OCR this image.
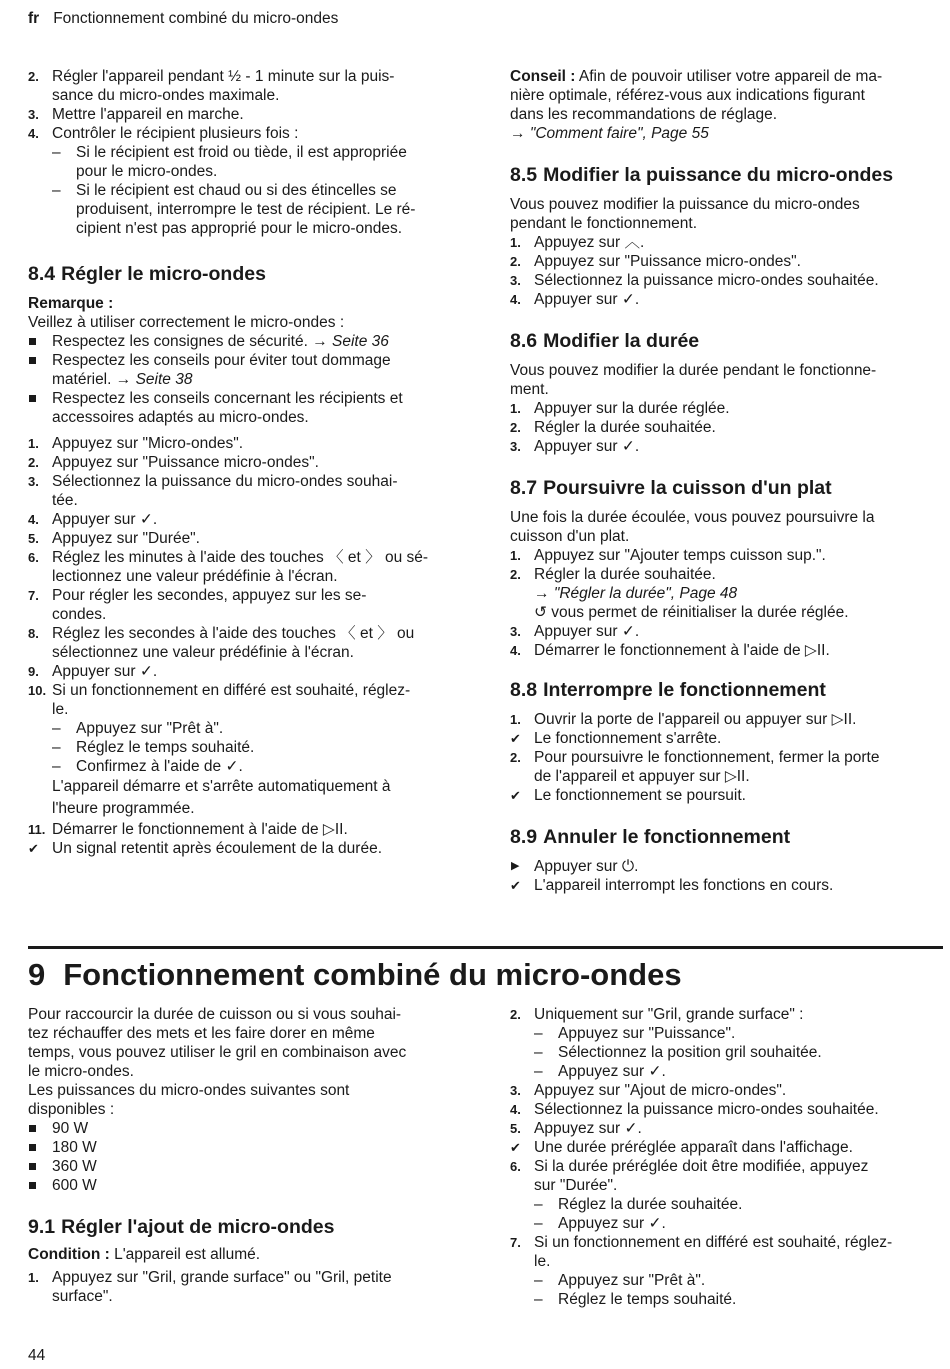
fr Fonctionnement combiné du micro-ondes
2. Régler l'appareil pendant ½ - 1 minute sur la puis-

sance du micro-ondes maximale.

3. Mettre l'appareil en marche.

4. Contrôler le récipient plusieurs fois :

– Si le récipient est froid ou tiède, il est appropriée

pour le micro-ondes.

– Si le récipient est chaud ou si des étincelles se

produisent, interrompre le test de récipient. Le ré-

cipient n'est pas approprié pour le micro-ondes.

8.4 Régler le micro-ondes

Remarque :

Veillez à utiliser correctement le micro-ondes :

Respectez les consignes de sécurité. → Seite 36

Respectez les conseils pour éviter tout dommage

matériel. → Seite 38

Respectez les conseils concernant les récipients et

accessoires adaptés au micro-ondes.

1. Appuyez sur "Micro-ondes".

2. Appuyez sur "Puissance micro-ondes".

3. Sélectionnez la puissance du micro-ondes souhai-

tée.

4. Appuyer sur ✓.
5. Appuyez sur "Durée".

6. Réglez les minutes à l'aide des touches 〈 et 〉 ou sé-

lectionnez une valeur prédéfinie à l'écran.

7. Pour régler les secondes, appuyez sur les se-

condes.

8. Réglez les secondes à l'aide des touches 〈 et 〉 ou

sélectionnez une valeur prédéfinie à l'écran.

9. Appuyer sur ✓.
10. Si un fonctionnement en différé est souhaité, réglez-

le.

– Appuyez sur "Prêt à".

– Réglez le temps souhaité.

– Confirmez à l'aide de ✓.

L'appareil démarre et s'arrête automatiquement à

l'heure programmée.

11. Démarrer le fonctionnement à l'aide de ▷II.
✔ Un signal retentit après écoulement de la durée.

Conseil : Afin de pouvoir utiliser votre appareil de ma-

nière optimale, référez-vous aux indications figurant

dans les recommandations de réglage.

→ "Comment faire", Page 55

8.5 Modifier la puissance du micro-ondes

Vous pouvez modifier la puissance du micro-ondes

pendant le fonctionnement.

1. Appuyez sur ︿.
2. Appuyez sur "Puissance micro-ondes".

3. Sélectionnez la puissance micro-ondes souhaitée.

4. Appuyer sur ✓.
8.6 Modifier la durée

Vous pouvez modifier la durée pendant le fonctionne-

ment.

1. Appuyer sur la durée réglée.

2. Régler la durée souhaitée.

3. Appuyer sur ✓.
8.7 Poursuivre la cuisson d'un plat

Une fois la durée écoulée, vous pouvez poursuivre la

cuisson d'un plat.

1. Appuyez sur "Ajouter temps cuisson sup.".

2. Régler la durée souhaitée.

→ "Régler la durée", Page 48

↺ vous permet de réinitialiser la durée réglée.

3. Appuyer sur ✓.
4. Démarrer le fonctionnement à l'aide de ▷II.
8.8 Interrompre le fonctionnement
1. Ouvrir la porte de l'appareil ou appuyer sur ▷II.
✔ Le fonctionnement s'arrête.

2. Pour poursuivre le fonctionnement, fermer la porte

de l'appareil et appuyer sur ▷II.

✔ Le fonctionnement se poursuit.

8.9 Annuler le fonctionnement
▶ Appuyer sur ⏻.
✔ L'appareil interrompt les fonctions en cours.

9 Fonctionnement combiné du micro-ondes

Pour raccourcir la durée de cuisson ou si vous souhai-

tez réchauffer des mets et les faire dorer en même

temps, vous pouvez utiliser le gril en combinaison avec

le micro-ondes.

Les puissances du micro-ondes suivantes sont

disponibles :

90 W

180 W

360 W

600 W

9.1 Régler l'ajout de micro-ondes

Condition : L'appareil est allumé.

1. Appuyez sur "Gril, grande surface" ou "Gril, petite

surface".

2. Uniquement sur "Gril, grande surface" :

– Appuyez sur "Puissance".

– Sélectionnez la position gril souhaitée.

– Appuyez sur ✓.
3. Appuyez sur "Ajout de micro-ondes".

4. Sélectionnez la puissance micro-ondes souhaitée.

5. Appuyez sur ✓.
✔ Une durée préréglée apparaît dans l'affichage.

6. Si la durée préréglée doit être modifiée, appuyez

sur "Durée".

– Réglez la durée souhaitée.

– Appuyez sur ✓.
7. Si un fonctionnement en différé est souhaité, réglez-

le.

– Appuyez sur "Prêt à".

– Réglez le temps souhaité.

44
